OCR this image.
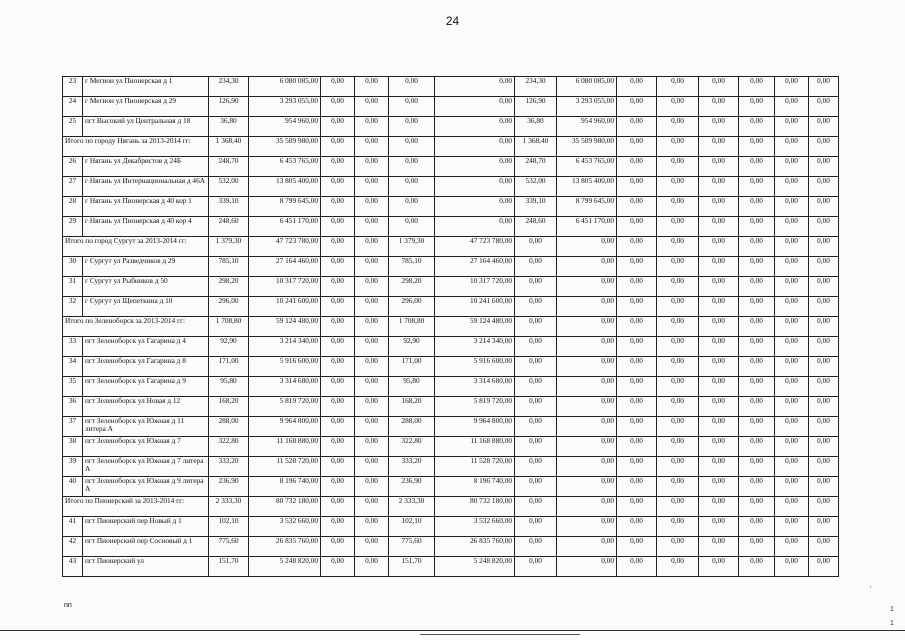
24
23	г Мегион ул Пионерская д 1	234,30	6 080 085,00	0,00	0,00	0,00	0,00	234,30	6 080 085,00	0,00	0,00	0,00	0,00	0,00	0,00
24	г Мегион ул Пионерская д 29	126,90	3 293 055,00	0,00	0,00	0,00	0,00	126,90	3 293 055,00	0,00	0,00	0,00	0,00	0,00	0,00
25	пгт Высокий ул Центральная д 18	36,80	954 960,00	0,00	0,00	0,00	0,00	36,80	954 960,00	0,00	0,00	0,00	0,00	0,00	0,00
Итого по городу Нягань за 2013-2014 гг:		1 368,40	35 509 980,00	0,00	0,00	0,00	0,00	1 368,40	35 509 980,00	0,00	0,00	0,00	0,00	0,00	0,00
26	г Нягань ул Декабристов д 24Б	248,70	6 453 765,00	0,00	0,00	0,00	0,00	248,70	6 453 765,00	0,00	0,00	0,00	0,00	0,00	0,00
27	г Нягань ул Интернациональная д 46А	532,00	13 805 400,00	0,00	0,00	0,00	0,00	532,00	13 805 400,00	0,00	0,00	0,00	0,00	0,00	0,00
28	г Нягань ул Пионерская д 40 кор 1	339,10	8 799 645,00	0,00	0,00	0,00	0,00	339,10	8 799 645,00	0,00	0,00	0,00	0,00	0,00	0,00
29	г Нягань ул Пионерская д 40 кор 4	248,60	6 451 170,00	0,00	0,00	0,00	0,00	248,60	6 451 170,00	0,00	0,00	0,00	0,00	0,00	0,00
Итого по город Сургут за 2013-2014 гг:		1 379,30	47 723 780,00	0,00	0,00	1 379,30	47 723 780,00	0,00	0,00	0,00	0,00	0,00	0,00	0,00	0,00
30	г Сургут ул Разведчиков д 29	785,10	27 164 460,00	0,00	0,00	785,10	27 164 460,00	0,00	0,00	0,00	0,00	0,00	0,00	0,00	0,00
31	г Сургут ул Рыбников д 50	298,20	10 317 720,00	0,00	0,00	298,20	10 317 720,00	0,00	0,00	0,00	0,00	0,00	0,00	0,00	0,00
32	г Сургут ул Щепеткина д 10	296,00	10 241 600,00	0,00	0,00	296,00	10 241 600,00	0,00	0,00	0,00	0,00	0,00	0,00	0,00	0,00
Итого по Зеленоборск за 2013-2014 гг:		1 708,80	59 124 480,00	0,00	0,00	1 708,80	59 124 480,00	0,00	0,00	0,00	0,00	0,00	0,00	0,00	0,00
33	пгт Зеленоборск ул Гагарина д 4	92,90	3 214 340,00	0,00	0,00	92,90	3 214 340,00	0,00	0,00	0,00	0,00	0,00	0,00	0,00	0,00
34	пгт Зеленоборск ул Гагарина д 8	171,00	5 916 600,00	0,00	0,00	171,00	5 916 600,00	0,00	0,00	0,00	0,00	0,00	0,00	0,00	0,00
35	пгт Зеленоборск ул Гагарина д 9	95,80	3 314 680,00	0,00	0,00	95,80	3 314 680,00	0,00	0,00	0,00	0,00	0,00	0,00	0,00	0,00
36	пгт Зеленоборск ул Новая д 12	168,20	5 819 720,00	0,00	0,00	168,20	5 819 720,00	0,00	0,00	0,00	0,00	0,00	0,00	0,00	0,00
37	пгт Зеленоборск ул Южная д 11 литера А	288,00	9 964 800,00	0,00	0,00	288,00	9 964 800,00	0,00	0,00	0,00	0,00	0,00	0,00	0,00	0,00
38	пгт Зеленоборск ул Южная д 7	322,80	11 168 880,00	0,00	0,00	322,80	11 168 880,00	0,00	0,00	0,00	0,00	0,00	0,00	0,00	0,00
39	пгт Зеленоборск ул Южная д 7 литера А	333,20	11 528 720,00	0,00	0,00	333,20	11 528 720,00	0,00	0,00	0,00	0,00	0,00	0,00	0,00	0,00
40	пгт Зеленоборск ул Южная д 9 литера А	236,90	8 196 740,00	0,00	0,00	236,90	8 196 740,00	0,00	0,00	0,00	0,00	0,00	0,00	0,00	0,00
Итого по Пионерский за 2013-2014 гг:		2 333,30	80 732 180,00	0,00	0,00	2 333,30	80 732 180,00	0,00	0,00	0,00	0,00	0,00	0,00	0,00	0,00
41	пгт Пионерский пер Новый д 1	102,10	3 532 660,00	0,00	0,00	102,10	3 532 660,00	0,00	0,00	0,00	0,00	0,00	0,00	0,00	0,00
42	пгт Пионерский пер Сосновый д 1	775,60	26 835 760,00	0,00	0,00	775,60	26 835 760,00	0,00	0,00	0,00	0,00	0,00	0,00	0,00	0,00
43	пгт Пионерский ул	151,70	5 248 820,00	0,00	0,00	151,70	5 248 820,00	0,00	0,00	0,00	0,00	0,00	0,00	0,00	0,00
nn
'
1
1
